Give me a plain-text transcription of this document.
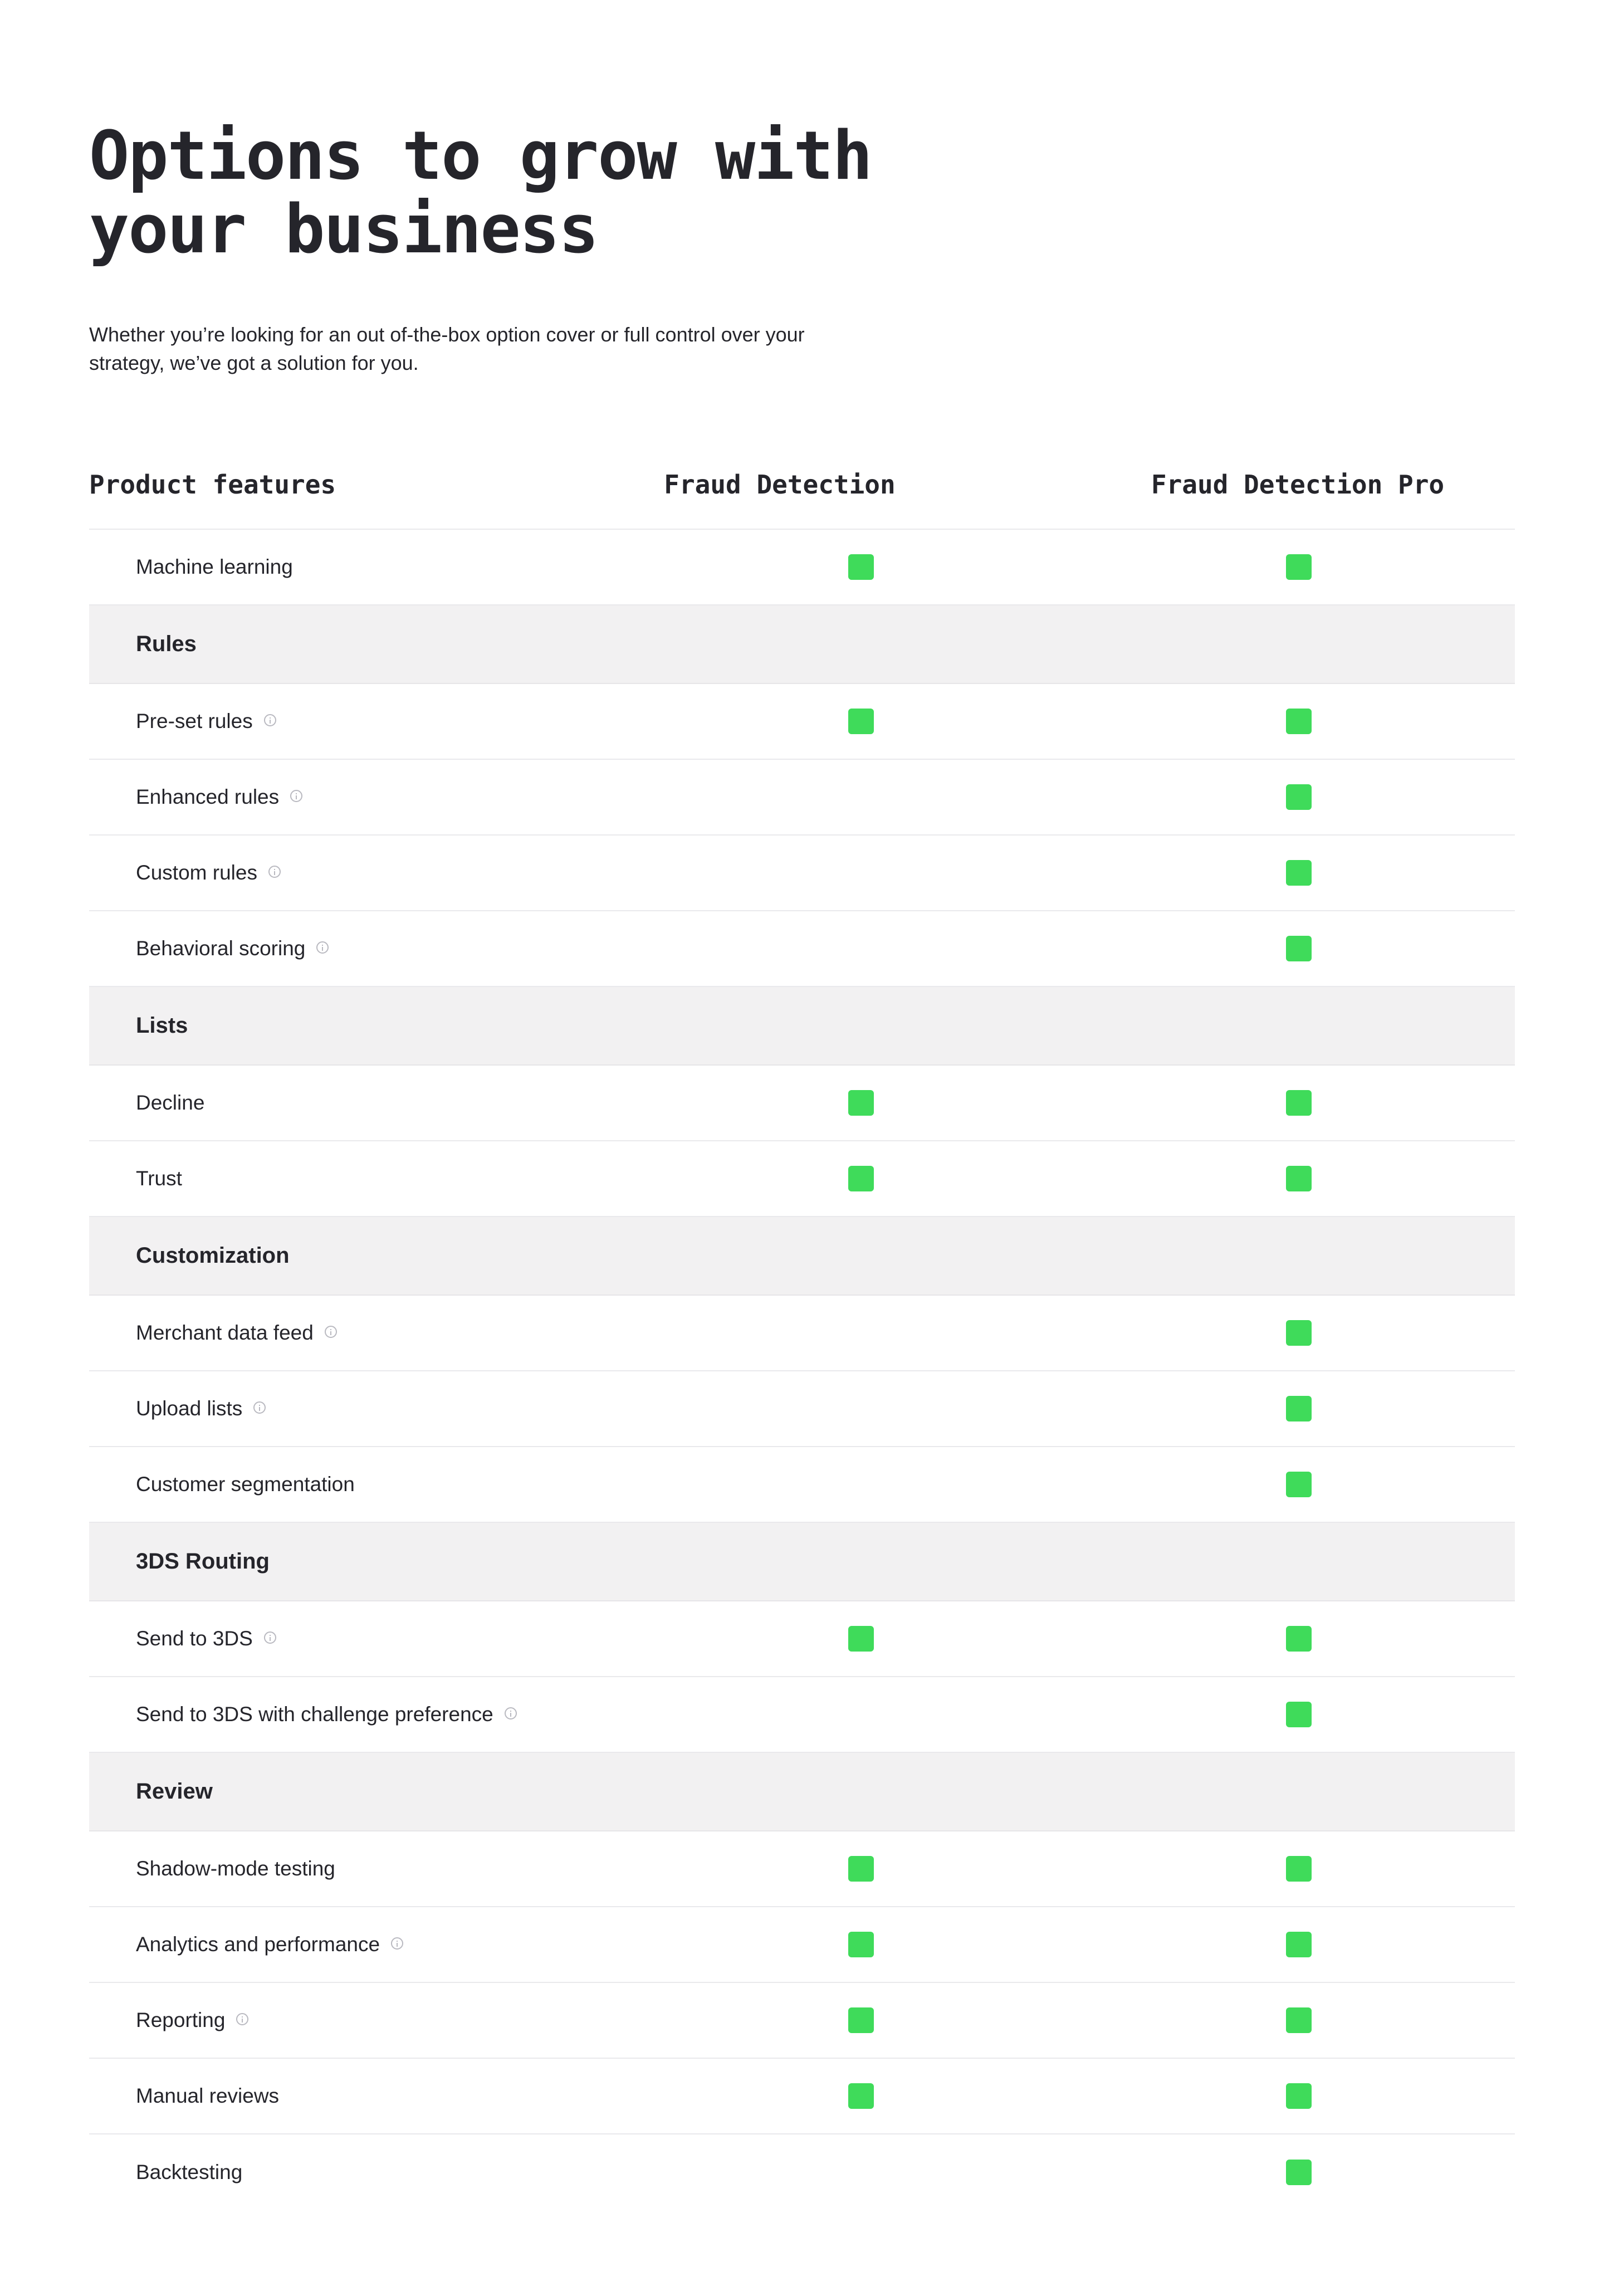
Options to grow with
your business

Whether you’re looking for an out of-the-box option cover or full control over your
strategy, we’ve got a solution for you.

Product features	Fraud Detection	Fraud Detection Pro
Machine learning
Rules
Pre-set rules
Enhanced rules
Custom rules
Behavioral scoring
Lists
Decline
Trust
Customization
Merchant data feed
Upload lists
Customer segmentation
3DS Routing
Send to 3DS
Send to 3DS with challenge preference
Review
Shadow-mode testing
Analytics and performance
Reporting
Manual reviews
Backtesting
